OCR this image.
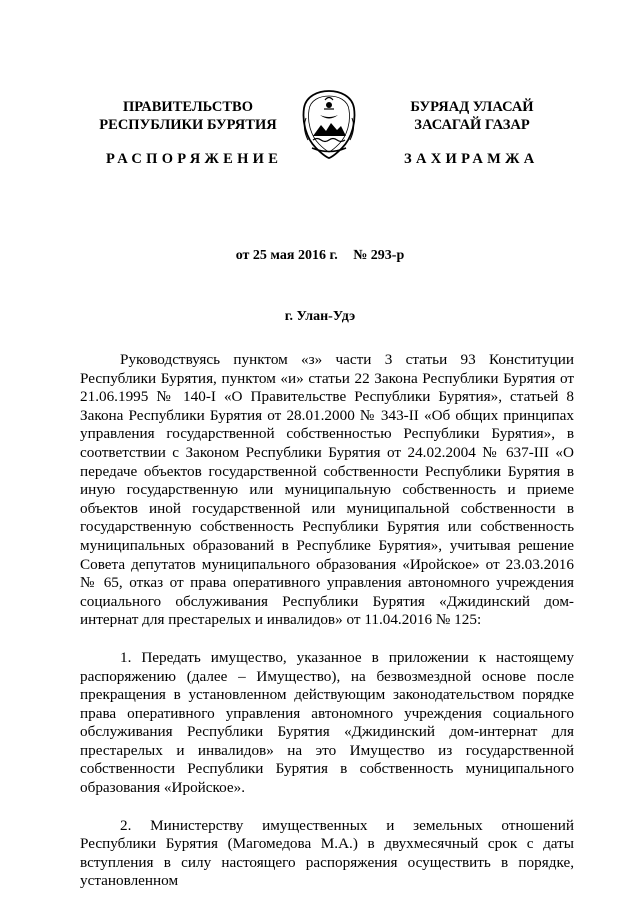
ПРАВИТЕЛЬСТВО
РЕСПУБЛИКИ БУРЯТИЯ
РАСПОРЯЖЕНИЕ
БУРЯАД УЛАСАЙ
ЗАСАГАЙ ГАЗАР
ЗАХИРАМЖА
от 25 мая 2016 г. № 293-р
г. Улан-Удэ

Руководствуясь пунктом «з» части 3 статьи 93 Конституции Республики Бурятия, пунктом «и» статьи 22 Закона Республики Бурятия от 21.06.1995 № 140-I «О Правительстве Республики Бурятия», статьей 8 Закона Республики Бурятия от 28.01.2000 № 343-II «Об общих принципах управления государственной собственностью Республики Бурятия», в соответствии с Законом Республики Бурятия от 24.02.2004 № 637-III «О передаче объектов государственной собственности Республики Бурятия в иную государственную или муниципальную собственность и приеме объектов иной государственной или муниципальной собственности в государственную собственность Республики Бурятия или собственность муниципальных образований в Республике Бурятия», учитывая решение Совета депутатов муниципального образования «Иройское» от 23.03.2016 № 65, отказ от права оперативного управления автономного учреждения социального обслуживания Республики Бурятия «Джидинский дом-интернат для престарелых и инвалидов» от 11.04.2016 № 125:

1. Передать имущество, указанное в приложении к настоящему распоряжению (далее – Имущество), на безвозмездной основе после прекращения в установленном действующим законодательством порядке права оперативного управления автономного учреждения социального обслуживания Республики Бурятия «Джидинский дом-интернат для престарелых и инвалидов» на это Имущество из государственной собственности Республики Бурятия в собственность муниципального образования «Иройское».

2. Министерству имущественных и земельных отношений Республики Бурятия (Магомедова М.А.) в двухмесячный срок с даты вступления в силу настоящего распоряжения осуществить в порядке, установленном
